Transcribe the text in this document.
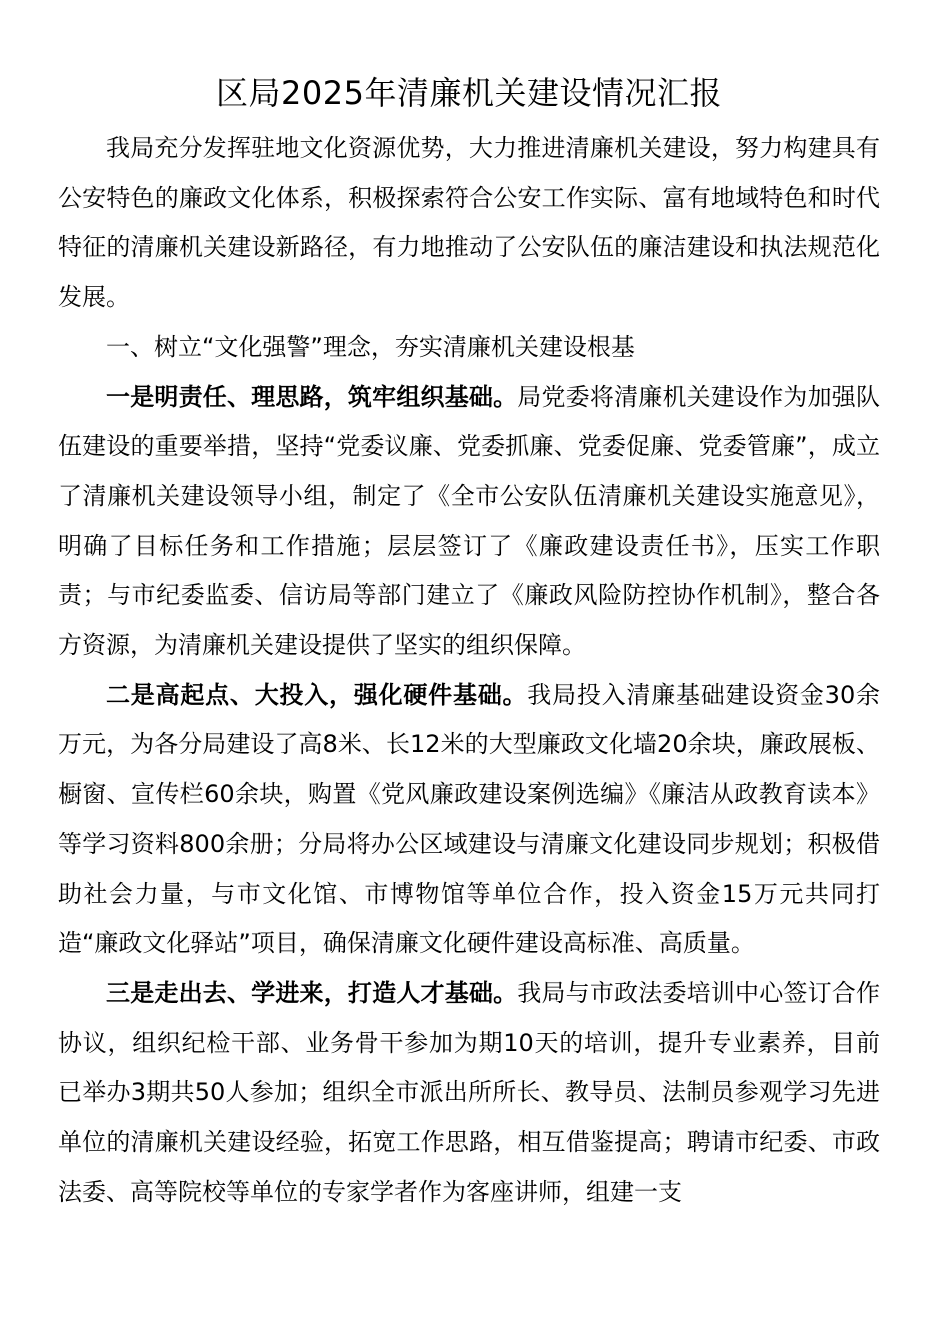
区局2025年清廉机关建设情况汇报

我局充分发挥驻地文化资源优势，大力推进清廉机关建设，努力构建具有公安特色的廉政文化体系，积极探索符合公安工作实际、富有地域特色和时代特征的清廉机关建设新路径，有力地推动了公安队伍的廉洁建设和执法规范化发展。

一、树立“文化强警”理念，夯实清廉机关建设根基

一是明责任、理思路，筑牢组织基础。局党委将清廉机关建设作为加强队伍建设的重要举措，坚持“党委议廉、党委抓廉、党委促廉、党委管廉”，成立了清廉机关建设领导小组，制定了《全市公安队伍清廉机关建设实施意见》，明确了目标任务和工作措施；层层签订了《廉政建设责任书》，压实工作职责；与市纪委监委、信访局等部门建立了《廉政风险防控协作机制》，整合各方资源，为清廉机关建设提供了坚实的组织保障。

二是高起点、大投入，强化硬件基础。我局投入清廉基础建设资金30余万元，为各分局建设了高8米、长12米的大型廉政文化墙20余块，廉政展板、橱窗、宣传栏60余块，购置《党风廉政建设案例选编》《廉洁从政教育读本》等学习资料800余册；分局将办公区域建设与清廉文化建设同步规划；积极借助社会力量，与市文化馆、市博物馆等单位合作，投入资金15万元共同打造“廉政文化驿站”项目，确保清廉文化硬件建设高标准、高质量。

三是走出去、学进来，打造人才基础。我局与市政法委培训中心签订合作协议，组织纪检干部、业务骨干参加为期10天的培训，提升专业素养，目前已举办3期共50人参加；组织全市派出所所长、教导员、法制员参观学习先进单位的清廉机关建设经验，拓宽工作思路，相互借鉴提高；聘请市纪委、市政法委、高等院校等单位的专家学者作为客座讲师，组建一支
